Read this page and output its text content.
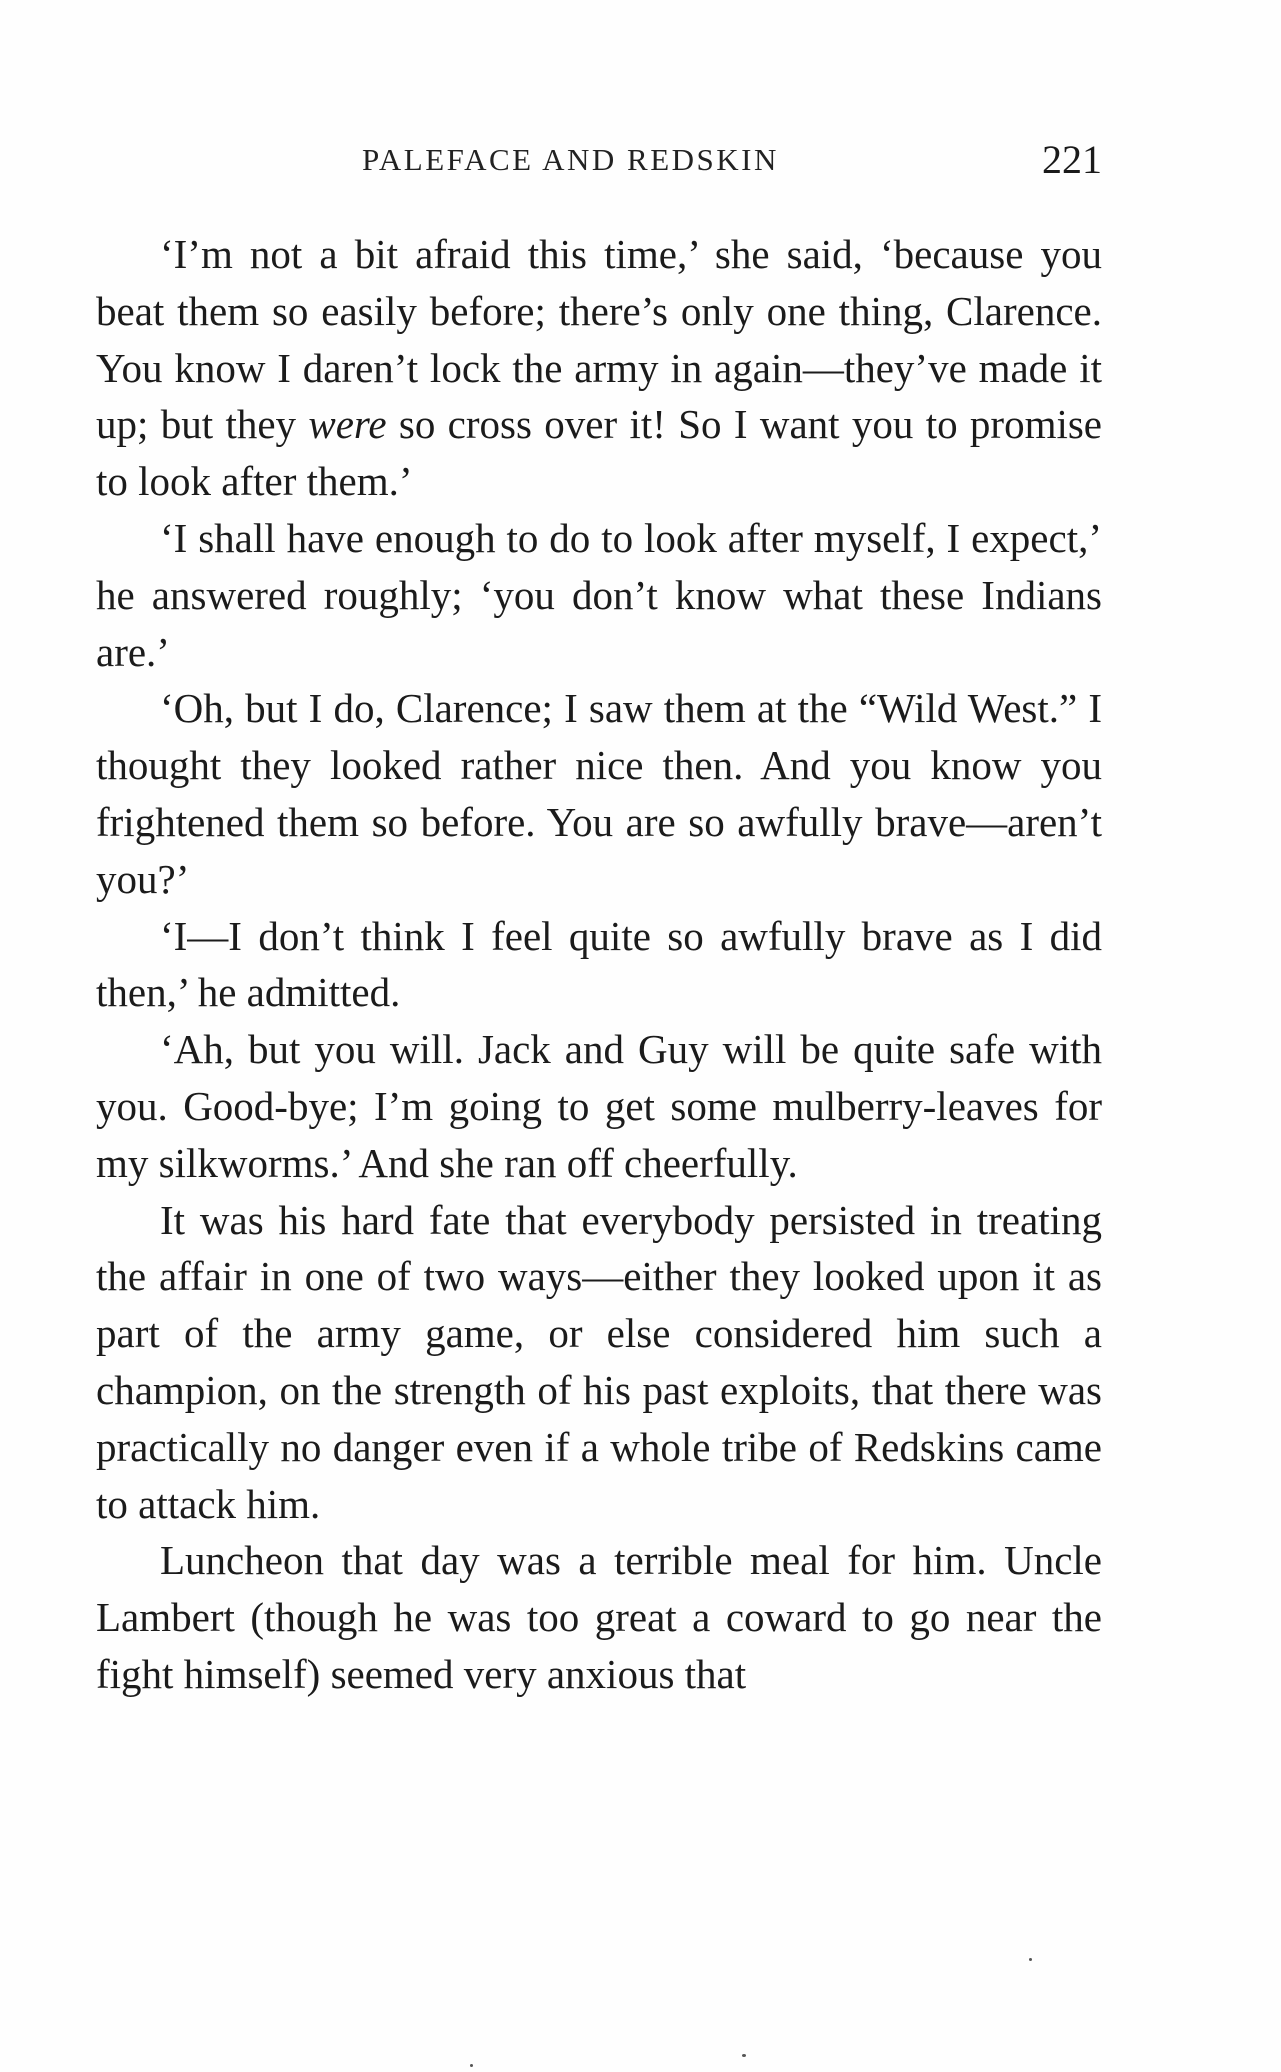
PALEFACE AND REDSKIN	221

‘I’m not a bit afraid this time,’ she said, ‘because you beat them so easily before; there’s only one thing, Clarence. You know I daren’t lock the army in again—they’ve made it up; but they were so cross over it! So I want you to promise to look after them.’

‘I shall have enough to do to look after myself, I expect,’ he answered roughly; ‘you don’t know what these Indians are.’

‘Oh, but I do, Clarence; I saw them at the “Wild West.” I thought they looked rather nice then. And you know you frightened them so before. You are so awfully brave—aren’t you?’

‘I—I don’t think I feel quite so awfully brave as I did then,’ he admitted.

‘Ah, but you will. Jack and Guy will be quite safe with you. Good-bye; I’m going to get some mulberry-leaves for my silkworms.’ And she ran off cheerfully.

It was his hard fate that everybody persisted in treating the affair in one of two ways—either they looked upon it as part of the army game, or else considered him such a champion, on the strength of his past exploits, that there was practically no danger even if a whole tribe of Redskins came to attack him.

Luncheon that day was a terrible meal for him. Uncle Lambert (though he was too great a coward to go near the fight himself) seemed very anxious that
